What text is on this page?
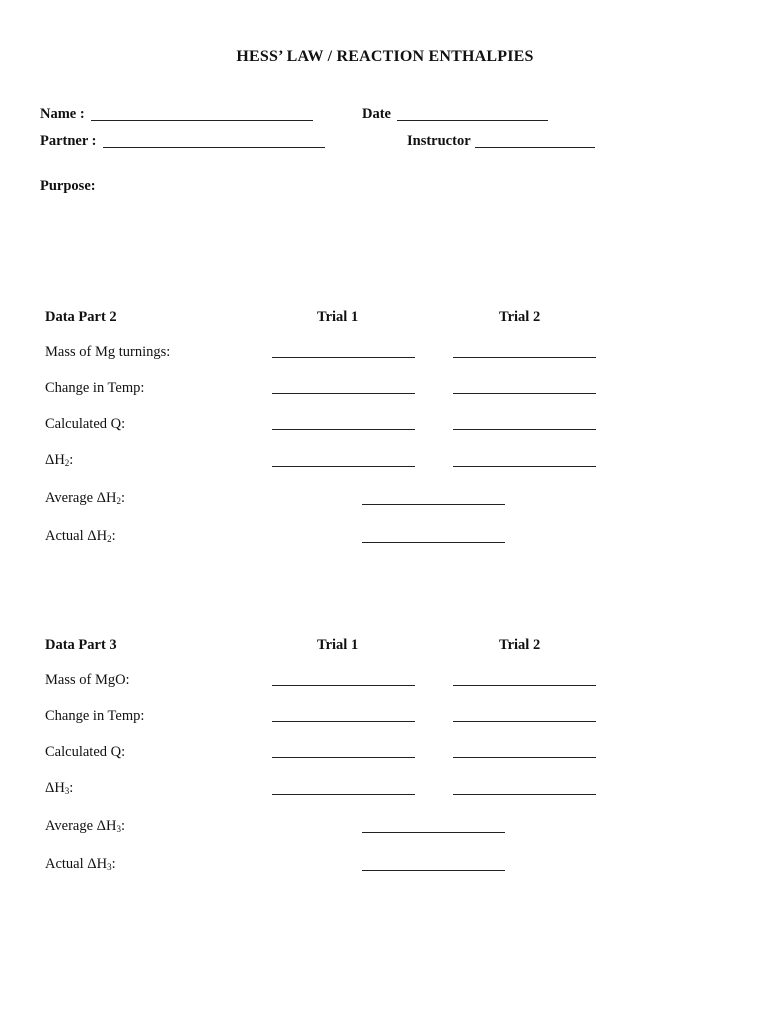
HESS’ LAW / REACTION ENTHALPIES
Name :
Partner :
Date
Instructor
Purpose:
Data Part 2	Trial 1	Trial 2
Mass of Mg turnings:
Change in Temp:
Calculated Q:
$\Delta H_2$:
Average $\Delta H_2$:
Actual $\Delta H_2$:
Data Part 3	Trial 1	Trial 2
Mass of MgO:
Change in Temp:
Calculated Q:
$\Delta H_3$:
Average $\Delta H_3$:
Actual $\Delta H_3$:
